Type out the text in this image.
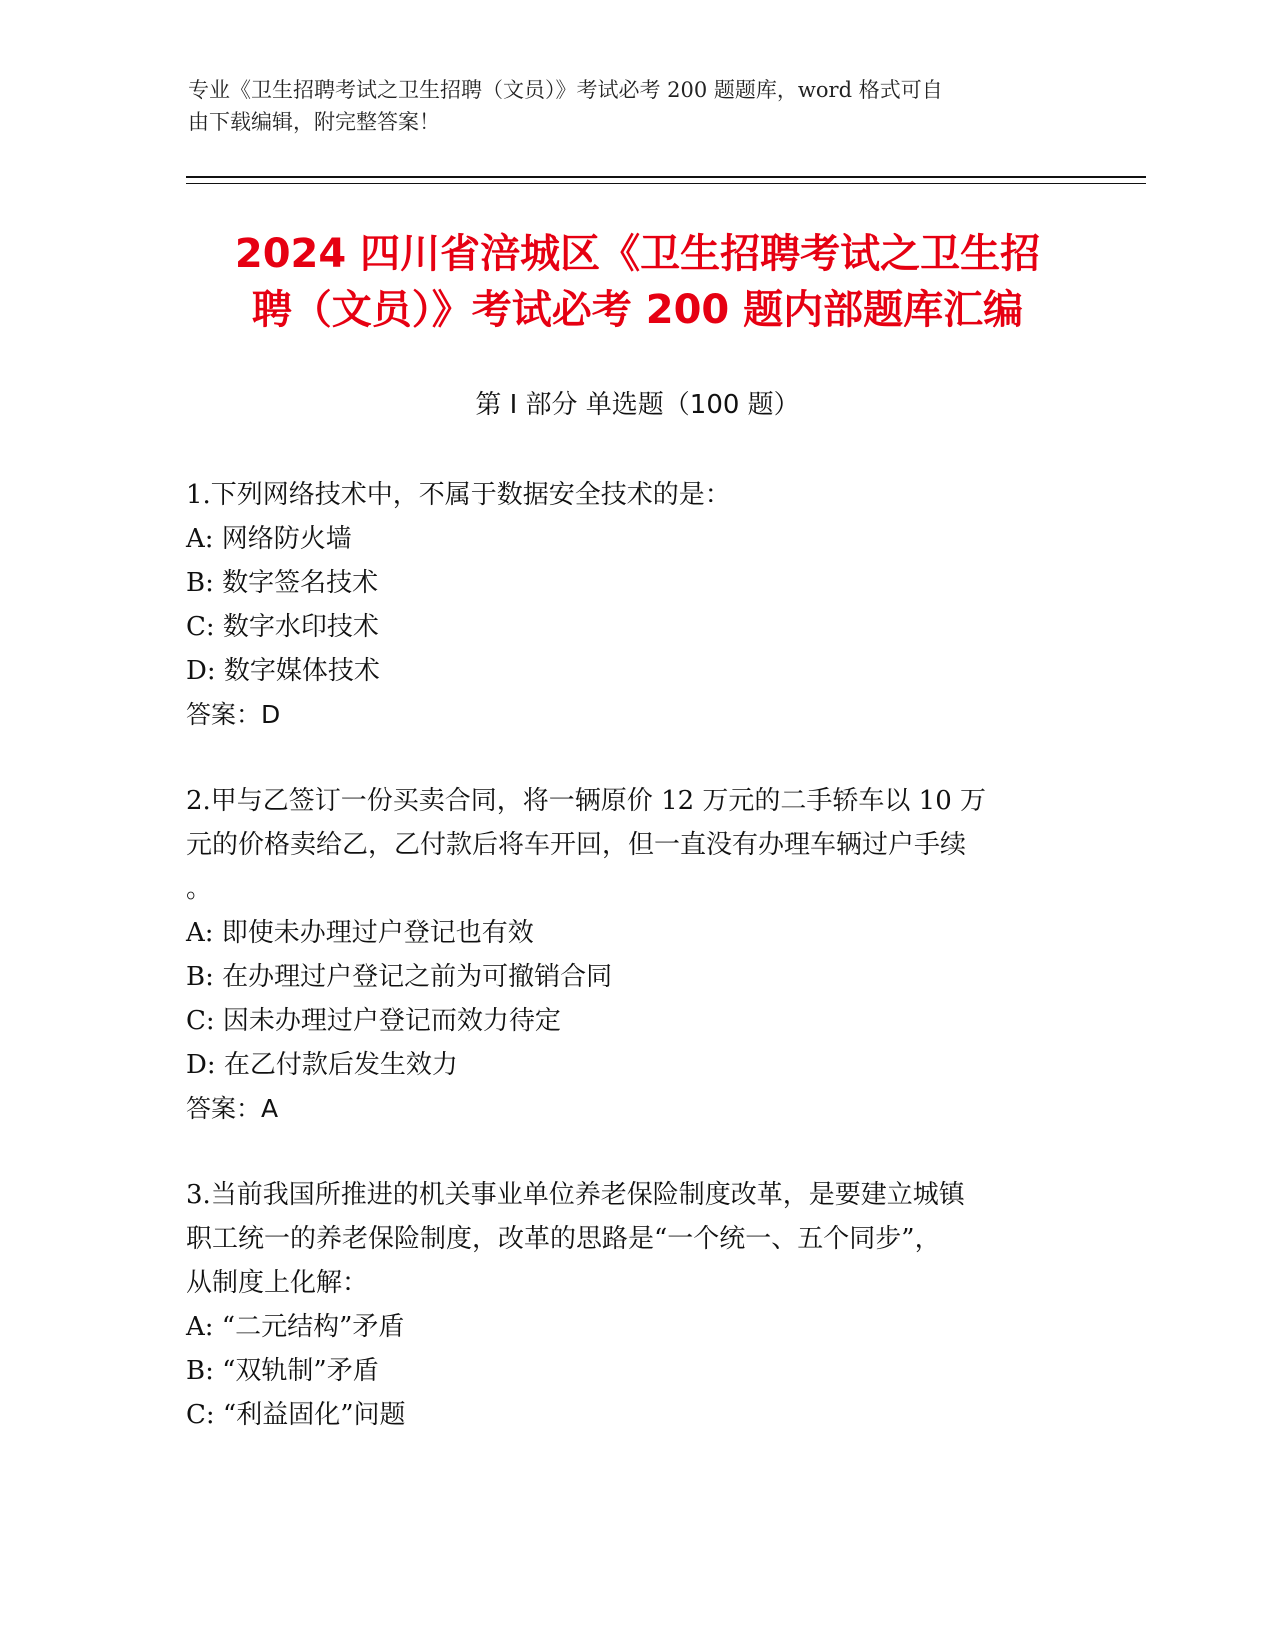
专业《卫生招聘考试之卫生招聘（文员）》考试必考 200 题题库，word 格式可自
由下载编辑，附完整答案！
2024 四川省涪城区《卫生招聘考试之卫生招
聘（文员）》考试必考 200 题内部题库汇编
第 I 部分 单选题（100 题）
1.下列网络技术中，不属于数据安全技术的是：
A: 网络防火墙
B: 数字签名技术
C: 数字水印技术
D: 数字媒体技术
答案：D
2.甲与乙签订一份买卖合同，将一辆原价 12 万元的二手轿车以 10 万
元的价格卖给乙，乙付款后将车开回，但一直没有办理车辆过户手续
。
A: 即使未办理过户登记也有效
B: 在办理过户登记之前为可撤销合同
C: 因未办理过户登记而效力待定
D: 在乙付款后发生效力
答案：A
3.当前我国所推进的机关事业单位养老保险制度改革，是要建立城镇
职工统一的养老保险制度，改革的思路是“一个统一、五个同步”，
从制度上化解：
A: “二元结构”矛盾
B: “双轨制”矛盾
C: “利益固化”问题
